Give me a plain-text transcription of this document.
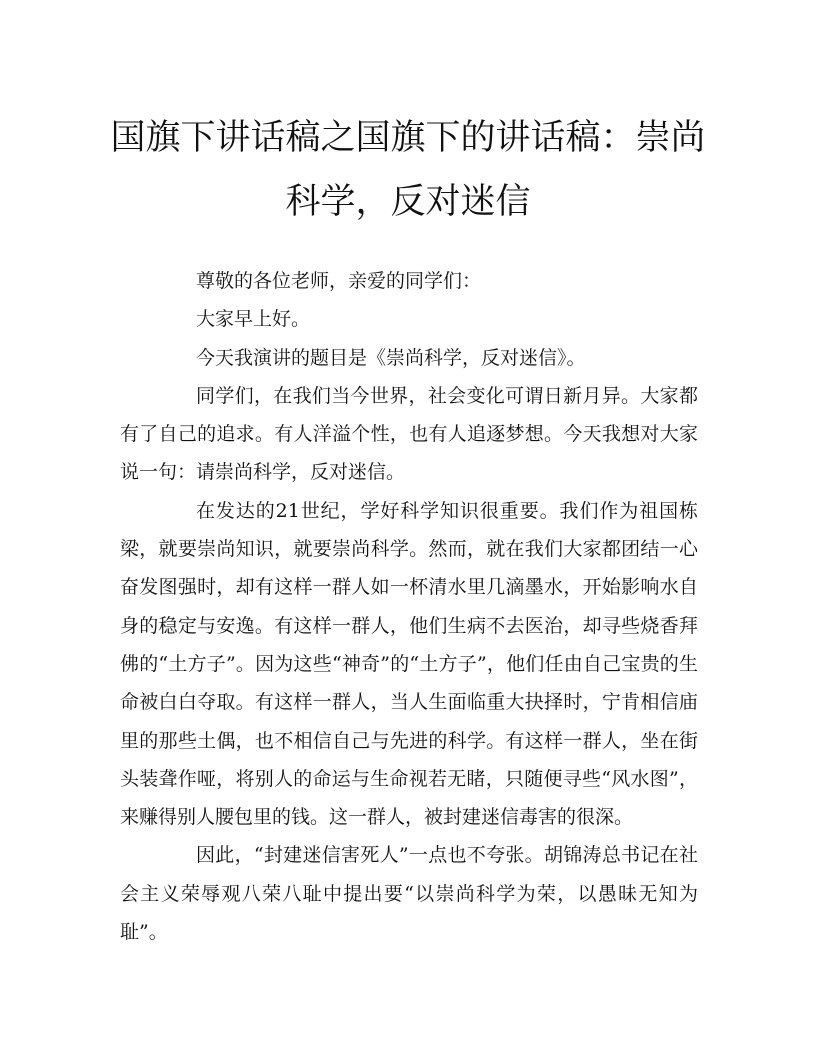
国旗下讲话稿之国旗下的讲话稿：崇尚
科学，反对迷信

尊敬的各位老师，亲爱的同学们：

大家早上好。

今天我演讲的题目是《崇尚科学，反对迷信》。

同学们，在我们当今世界，社会变化可谓日新月异。大家都有了自己的追求。有人洋溢个性，也有人追逐梦想。今天我想对大家说一句：请崇尚科学，反对迷信。

在发达的21世纪，学好科学知识很重要。我们作为祖国栋梁，就要崇尚知识，就要崇尚科学。然而，就在我们大家都团结一心奋发图强时，却有这样一群人如一杯清水里几滴墨水，开始影响水自身的稳定与安逸。有这样一群人，他们生病不去医治，却寻些烧香拜佛的“土方子”。因为这些“神奇”的“土方子”，他们任由自己宝贵的生命被白白夺取。有这样一群人，当人生面临重大抉择时，宁肯相信庙里的那些土偶，也不相信自己与先进的科学。有这样一群人，坐在街头装聋作哑，将别人的命运与生命视若无睹，只随便寻些“风水图”，来赚得别人腰包里的钱。这一群人，被封建迷信毒害的很深。

因此，“封建迷信害死人”一点也不夸张。胡锦涛总书记在社会主义荣辱观八荣八耻中提出要“以崇尚科学为荣，以愚昧无知为耻”。
